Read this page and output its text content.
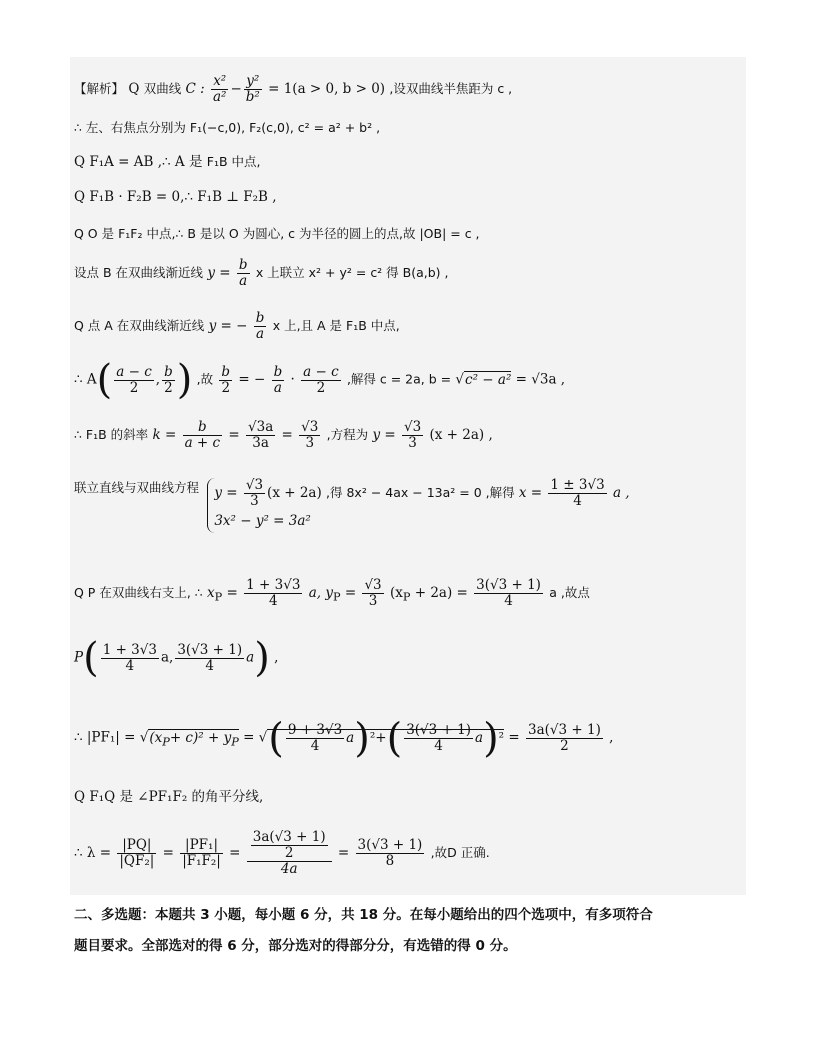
【解析】 Q 双曲线 C : $\frac{\text{x²}}{\text{a²}} - \frac{\text{y²}}{\text{b²}} = 1(a > 0$, b > 0) ,设双曲线半焦距为 c ,
∴ 左、右焦点分别为 F₁(−c,0), F₂(c,0), c² = a² + b² ,
Q F₁A = AB ,∴ A 是 F₁B 中点,
Q F₁B · F₂B = 0,∴ F₁B ⊥ F₂B ,
Q O 是 F₁F₂ 中点,∴ B 是以 O 为圆心, c 为半径的圆上的点,故 |OB| = c ,
设点 B 在双曲线渐近线 $y = \frac{b}{a}$ x 上联立 x² + y² = c² 得 B(a,b) ,
Q 点 A 在双曲线渐近线 y = − $\frac{b}{a}$ x 上,且 A 是 F₁B 中点,
∴ $A( \frac{a - c}{2}$ , $\frac{b}{2}$ ) ,故 $\frac{b}{2}$ = − $\frac{b}{a} \cdot \frac{a - c}{2}$ ,解得 c = 2a, b = √c² − a² = √3a ,
∴ F₁B 的斜率 $k = \frac{b}{a + c} = \frac{√3a}{3a} = \frac{√3}{3}$ ,方程为 $y = \frac{√3}{3} (x + 2a)$ ,
联立直线与双曲线方程 $y = \frac{√3}{3} (x + 2a)$
3x² − y² = 3a²
,得 8x² − 4ax − 13a² = 0 ,解得 $x = \frac{1 \pm 3√3}{4}$ a ,
Q P 在双曲线右支上, ∴ $x_P = \frac{1 + 3√3}{4} a$, $y_P = \frac{√3}{3} (x_P + 2a) = \frac{3(√3 + 1)}{4}$ a ,故点
$P( \frac{1 + 3√3}{4} a$, $\frac{3(√3 + 1)}{4} a$) ,
∴ $|PF_1| = √(x_P+ c)^2 + y_P$ = √( $\frac{9 + 3√3}{4} a)^2+( \frac{3(√3 + 1)}{4} a)^2 = \frac{3a(√3 + 1)}{2}$ ,
Q F₁Q 是 ∠PF₁F₂ 的角平分线,
∴ $\lambda = \frac{|PQ|}{\text{|QF₂|}} = \frac{\text{|PF₁|}}{\text{|F₁F₂|}} = \frac{\frac{3a(√3 + 1)}{2}}{4a} = \frac{3(√3 + 1)}{8}$ ,故D 正确.
二、多选题：本题共 3 小题，每小题 6 分，共 18 分。在每小题给出的四个选项中，有多项符合
题目要求。全部选对的得 6 分，部分选对的得部分分，有选错的得 0 分。
